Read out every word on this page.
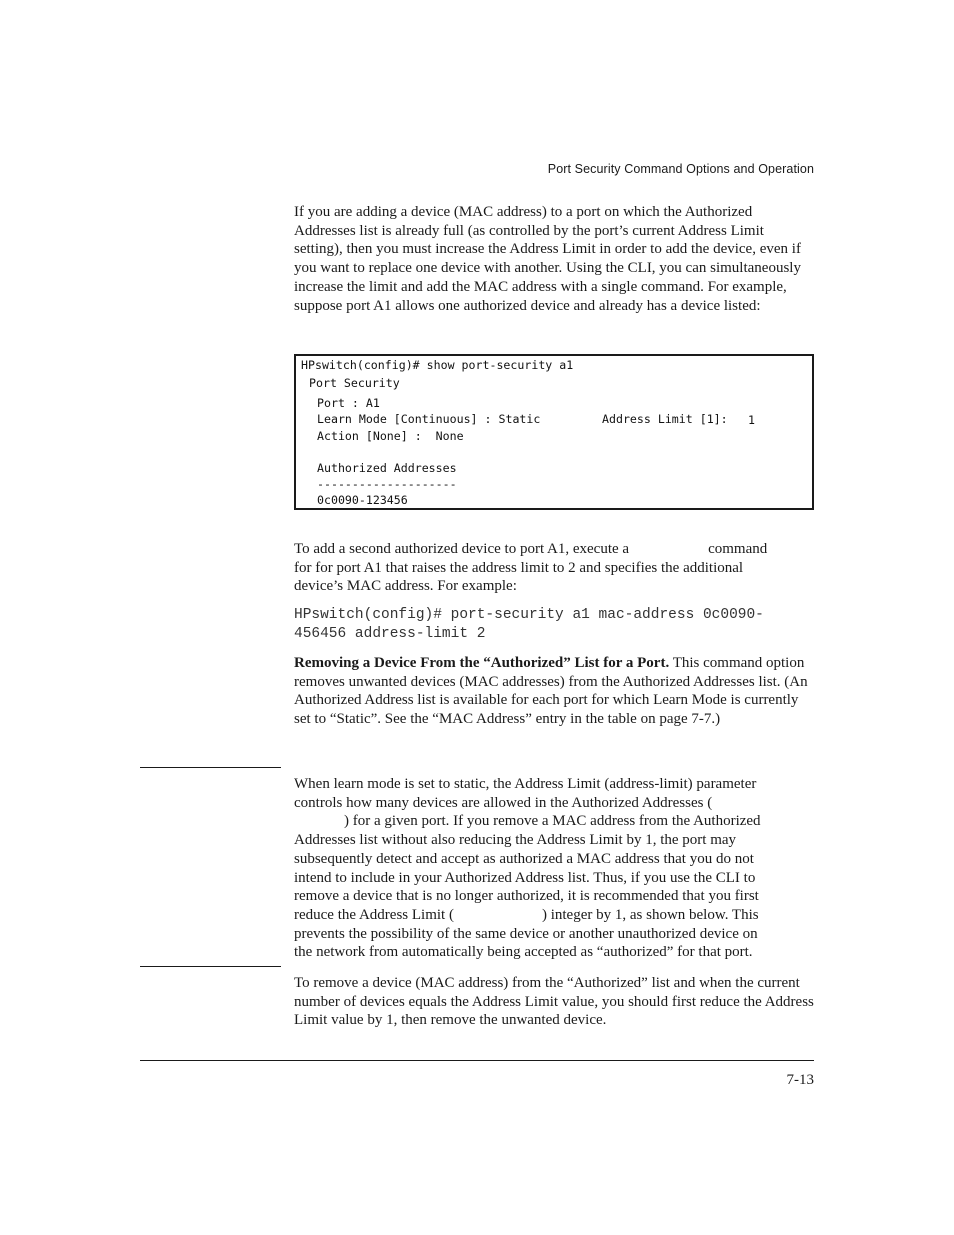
Port Security Command Options and Operation
If you are adding a device (MAC address) to a port on which the Authorized Addresses list is already full (as controlled by the port’s current Address Limit setting), then you must increase the Address Limit in order to add the device, even if you want to replace one device with another. Using the CLI, you can simultaneously increase the limit and add the MAC address with a single command. For example, suppose port A1 allows one authorized device and already has a device listed:
HPswitch(config)# show port-security a1
Port Security
Port : A1
Learn Mode [Continuous] : Static	Address Limit [1]: 1
Action [None] :  None
Authorized Addresses
--------------------
0c0090-123456
To add a second authorized device to port A1, execute a	command
for for port A1 that raises the address limit to 2 and specifies the additional
device’s MAC address. For example:
HPswitch(config)# port-security a1 mac-address 0c0090-
456456 address-limit 2
Removing a Device From the “Authorized” List for a Port. This command option removes unwanted devices (MAC addresses) from the Authorized Addresses list. (An Authorized Address list is available for each port for which Learn Mode is currently set to “Static”. See the “MAC Address” entry in the table on page 7-7.)
When learn mode is set to static, the Address Limit (address-limit) parameter
controls how many devices are allowed in the Authorized Addresses (
) for a given port. If you remove a MAC address from the Authorized
Addresses list without also reducing the Address Limit by 1, the port may
subsequently detect and accept as authorized a MAC address that you do not
intend to include in your Authorized Address list. Thus, if you use the CLI to
remove a device that is no longer authorized, it is recommended that you first
reduce the Address Limit (	) integer by 1, as shown below. This
prevents the possibility of the same device or another unauthorized device on
the network from automatically being accepted as “authorized” for that port.
To remove a device (MAC address) from the “Authorized” list and when the current number of devices equals the Address Limit value, you should first reduce the Address Limit value by 1, then remove the unwanted device.
7-13
